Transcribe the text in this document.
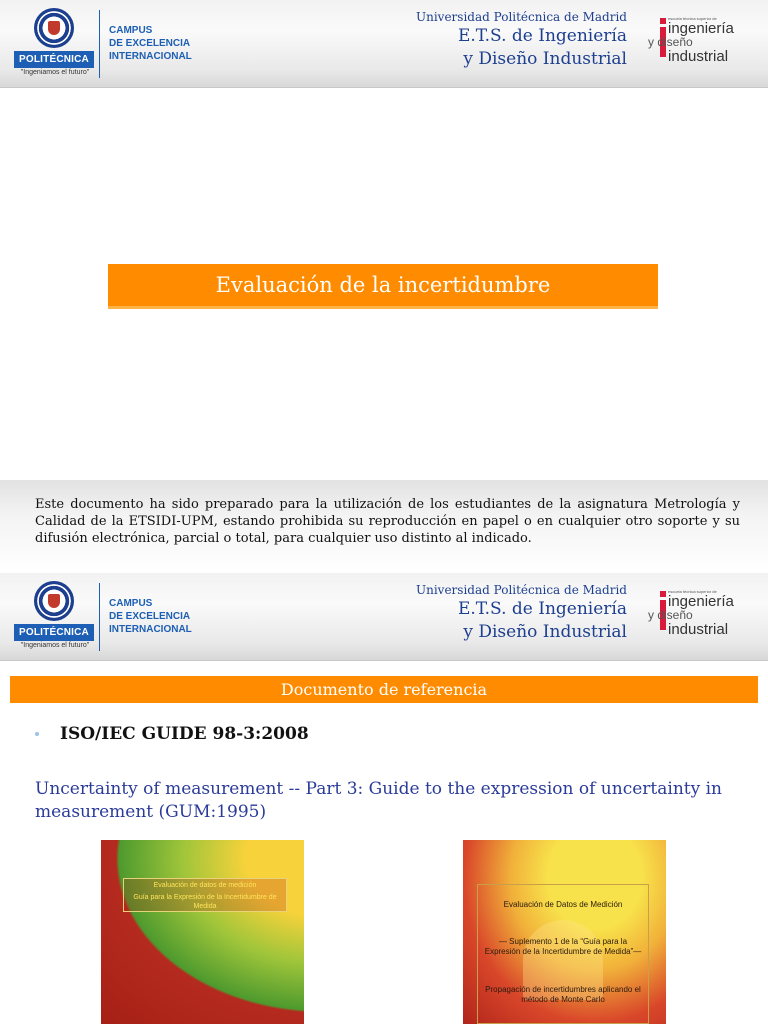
POLITÉCNICA
"Ingeniamos el futuro"
CAMPUS
DE EXCELENCIA
INTERNACIONAL
Universidad Politécnica de Madrid
E.T.S. de Ingeniería
y Diseño Industrial
escuela técnica superior de
ingeniería
y diseño
industrial
Evaluación de la incertidumbre
Este documento ha sido preparado para la utilización de los estudiantes de la asignatura Metrología y Calidad de la ETSIDI-UPM, estando prohibida su reproducción en papel o en cualquier otro soporte y su difusión electrónica, parcial o total, para cualquier uso distinto al indicado.
POLITÉCNICA
"Ingeniamos el futuro"
CAMPUS
DE EXCELENCIA
INTERNACIONAL
Universidad Politécnica de Madrid
E.T.S. de Ingeniería
y Diseño Industrial
escuela técnica superior de
ingeniería
y diseño
industrial
Documento de referencia
ISO/IEC GUIDE 98-3:2008
Uncertainty of measurement -- Part 3: Guide to the expression of uncertainty in measurement (GUM:1995)
Evaluación de datos de medición
Guía para la Expresión de la Incertidumbre de Medida	Evaluación de Datos de Medición
— Suplemento 1 de la “Guía para la Expresión de la Incertidumbre de Medida”—
Propagación de incertidumbres aplicando el método de Monte Carlo
